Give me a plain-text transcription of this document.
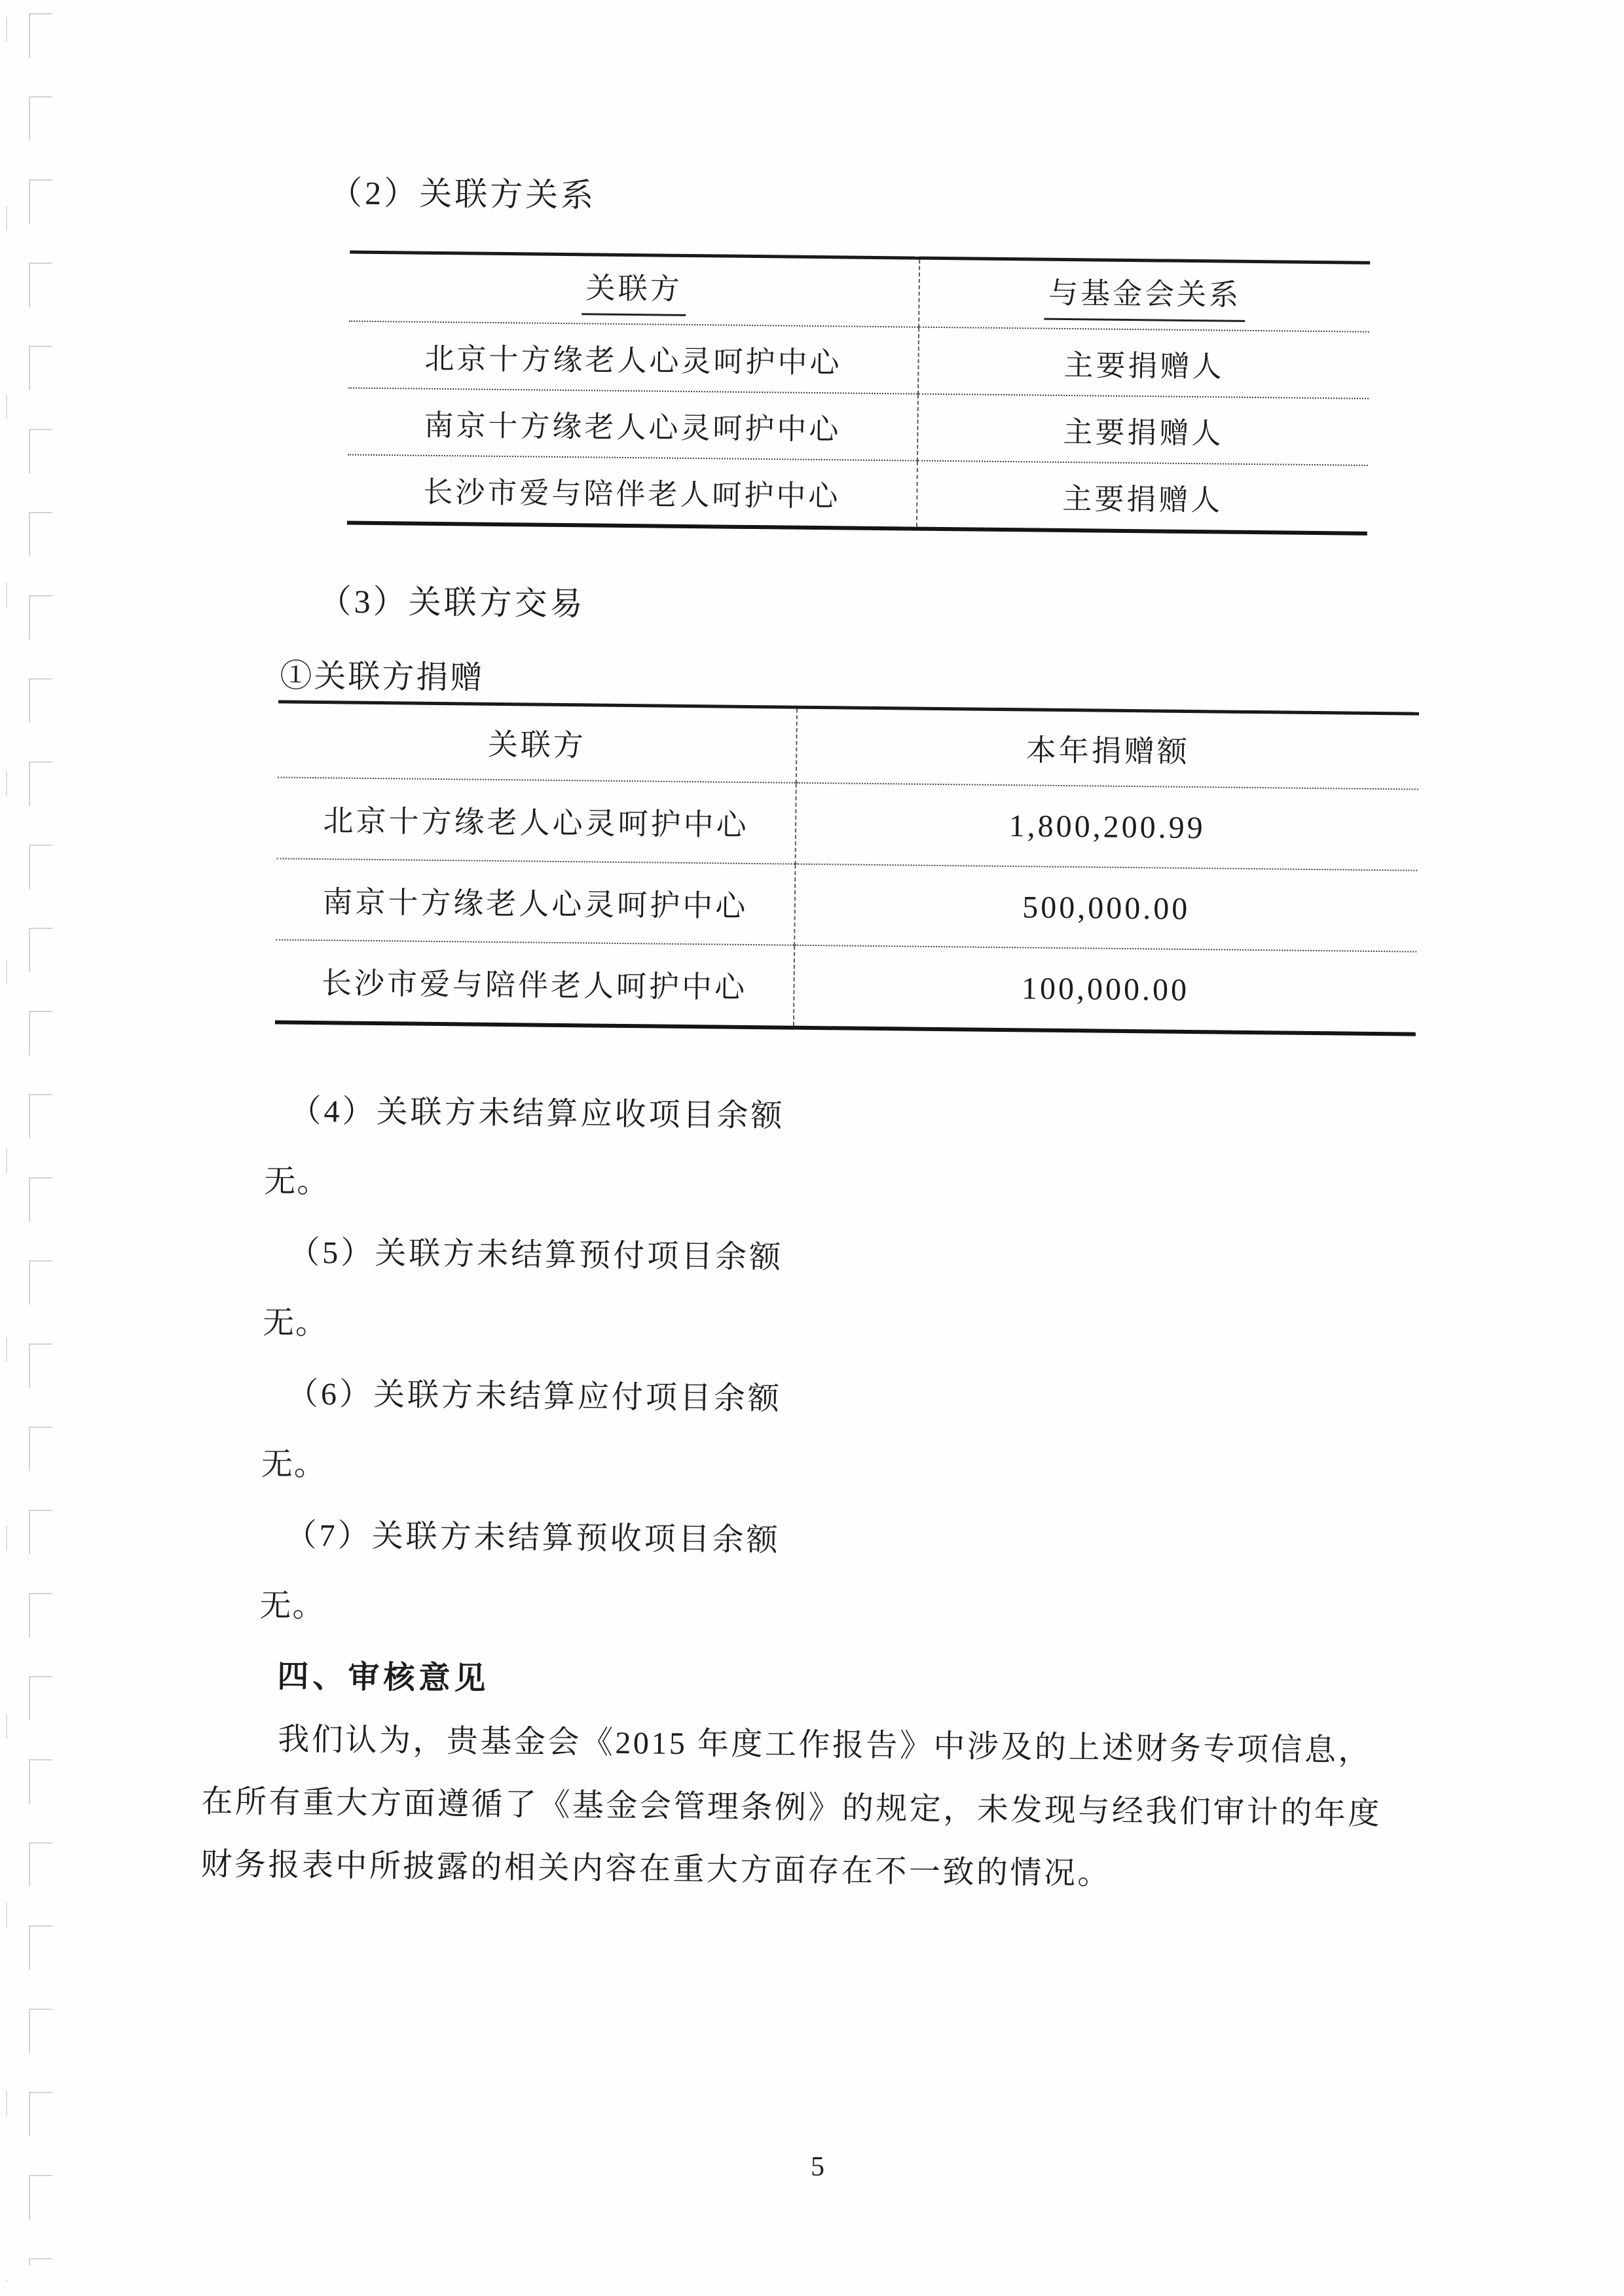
（2）关联方关系
关联方	与基金会关系
北京十方缘老人心灵呵护中心	主要捐赠人
南京十方缘老人心灵呵护中心	主要捐赠人
长沙市爱与陪伴老人呵护中心	主要捐赠人
（3）关联方交易
①关联方捐赠
关联方	本年捐赠额
北京十方缘老人心灵呵护中心	1,800,200.99
南京十方缘老人心灵呵护中心	500,000.00
长沙市爱与陪伴老人呵护中心	100,000.00
（4）关联方未结算应收项目余额
无。
（5）关联方未结算预付项目余额
无。
（6）关联方未结算应付项目余额
无。
（7）关联方未结算预收项目余额
无。
四、审核意见
我们认为，贵基金会《2015 年度工作报告》中涉及的上述财务专项信息，
在所有重大方面遵循了《基金会管理条例》的规定，未发现与经我们审计的年度
财务报表中所披露的相关内容在重大方面存在不一致的情况。
5
